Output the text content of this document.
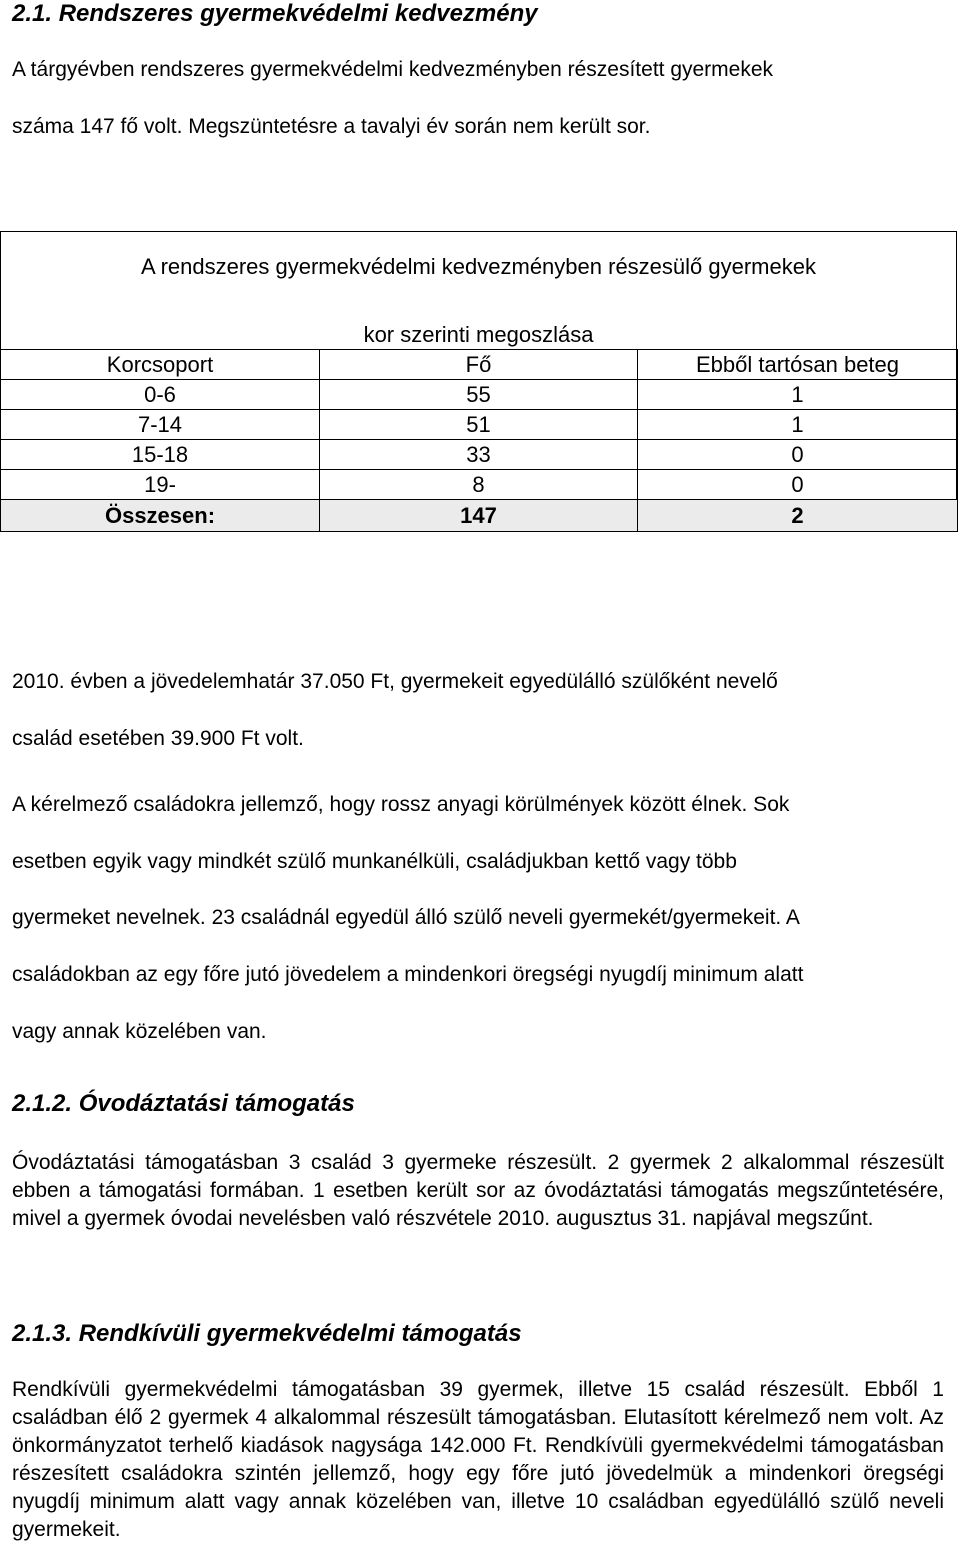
2.1. Rendszeres gyermekvédelmi kedvezmény

A tárgyévben rendszeres gyermekvédelmi kedvezményben részesített gyermekek

száma 147 fő volt. Megszüntetésre a tavalyi év során nem került sor.

A rendszeres gyermekvédelmi kedvezményben részesülő gyermekek
kor szerinti megoszlása
Korcsoport	Fő	Ebből tartósan beteg
0-6	55	1
7-14	51	1
15-18	33	0
19-	8	0
Összesen:	147	2

2010. évben a jövedelemhatár 37.050 Ft, gyermekeit egyedülálló szülőként nevelő

család esetében 39.900 Ft volt.

A kérelmező családokra jellemző, hogy rossz anyagi körülmények között élnek. Sok

esetben egyik vagy mindkét szülő munkanélküli, családjukban kettő vagy több

gyermeket nevelnek. 23 családnál egyedül álló szülő neveli gyermekét/gyermekeit. A

családokban az egy főre jutó jövedelem a mindenkori öregségi nyugdíj minimum alatt

vagy annak közelében van.

2.1.2. Óvodáztatási támogatás

Óvodáztatási támogatásban 3 család 3 gyermeke részesült. 2 gyermek 2 alkalommal részesült ebben a támogatási formában. 1 esetben került sor az óvodáztatási támogatás megszűntetésére, mivel a gyermek óvodai nevelésben való részvétele 2010. augusztus 31. napjával megszűnt.

2.1.3. Rendkívüli gyermekvédelmi támogatás

Rendkívüli gyermekvédelmi támogatásban 39 gyermek, illetve 15 család részesült. Ebből 1 családban élő 2 gyermek 4 alkalommal részesült támogatásban. Elutasított kérelmező nem volt. Az önkormányzatot terhelő kiadások nagysága 142.000 Ft. Rendkívüli gyermekvédelmi támogatásban részesített családokra szintén jellemző, hogy egy főre jutó jövedelmük a mindenkori öregségi nyugdíj minimum alatt vagy annak közelében van, illetve 10 családban egyedülálló szülő neveli gyermekeit.
